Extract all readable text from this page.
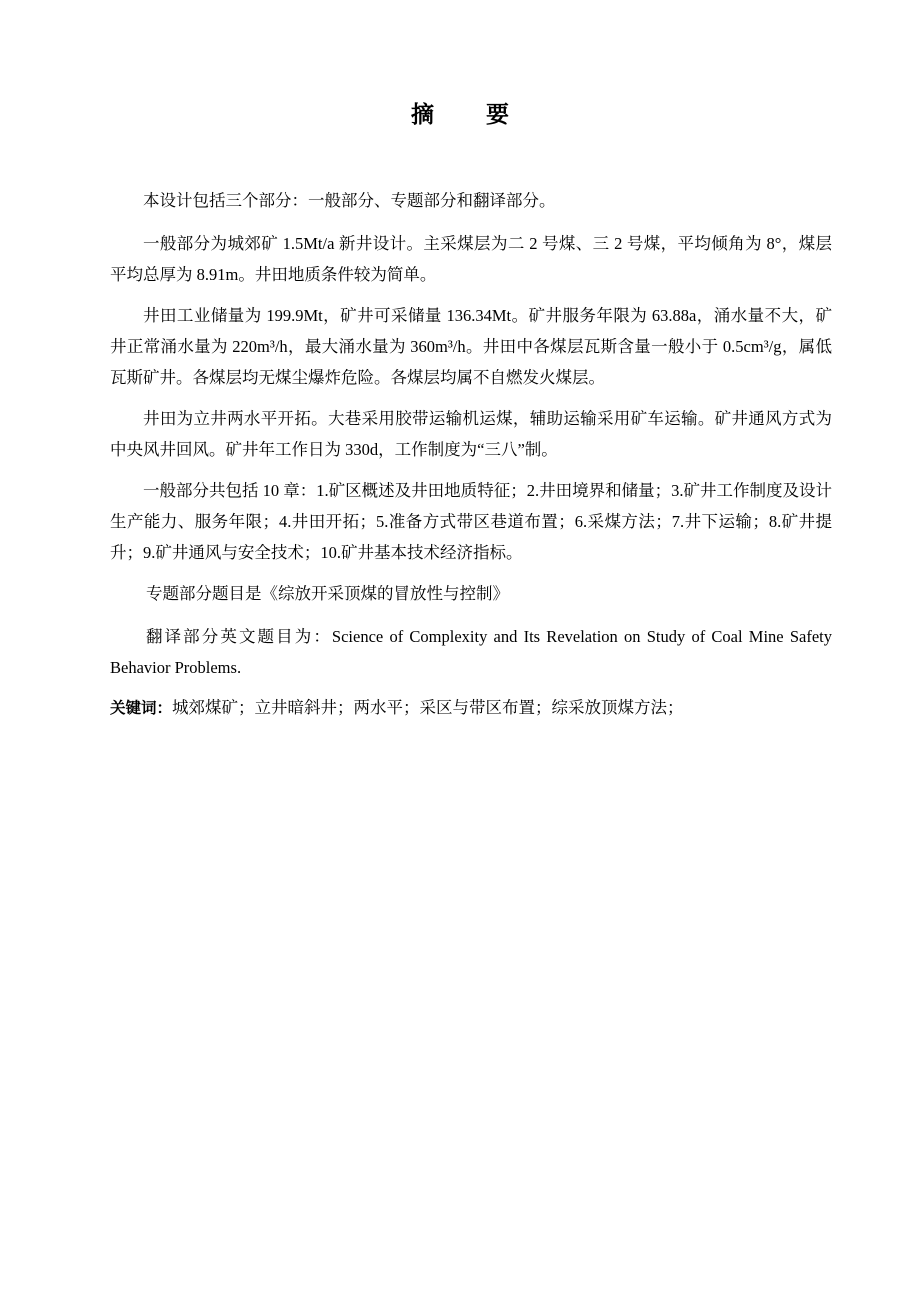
摘 要
本设计包括三个部分：一般部分、专题部分和翻译部分。
一般部分为城郊矿 1.5Mt/a 新井设计。主采煤层为二 2 号煤、三 2 号煤，平均倾角为 8°，煤层平均总厚为 8.91m。井田地质条件较为简单。
井田工业储量为 199.9Mt，矿井可采储量 136.34Mt。矿井服务年限为 63.88a，涌水量不大，矿井正常涌水量为 220m³/h，最大涌水量为 360m³/h。井田中各煤层瓦斯含量一般小于 0.5cm³/g，属低瓦斯矿井。各煤层均无煤尘爆炸危险。各煤层均属不自燃发火煤层。
井田为立井两水平开拓。大巷采用胶带运输机运煤，辅助运输采用矿车运输。矿井通风方式为中央风井回风。矿井年工作日为 330d，工作制度为“三八”制。
一般部分共包括 10 章：1.矿区概述及井田地质特征；2.井田境界和储量；3.矿井工作制度及设计生产能力、服务年限；4.井田开拓；5.准备方式带区巷道布置；6.采煤方法；7.井下运输；8.矿井提升；9.矿井通风与安全技术；10.矿井基本技术经济指标。
专题部分题目是《综放开采顶煤的冒放性与控制》
翻译部分英文题目为：Science of Complexity and Its Revelation on Study of Coal Mine Safety Behavior Problems.
关键词：城郊煤矿；立井暗斜井；两水平；采区与带区布置；综采放顶煤方法；
